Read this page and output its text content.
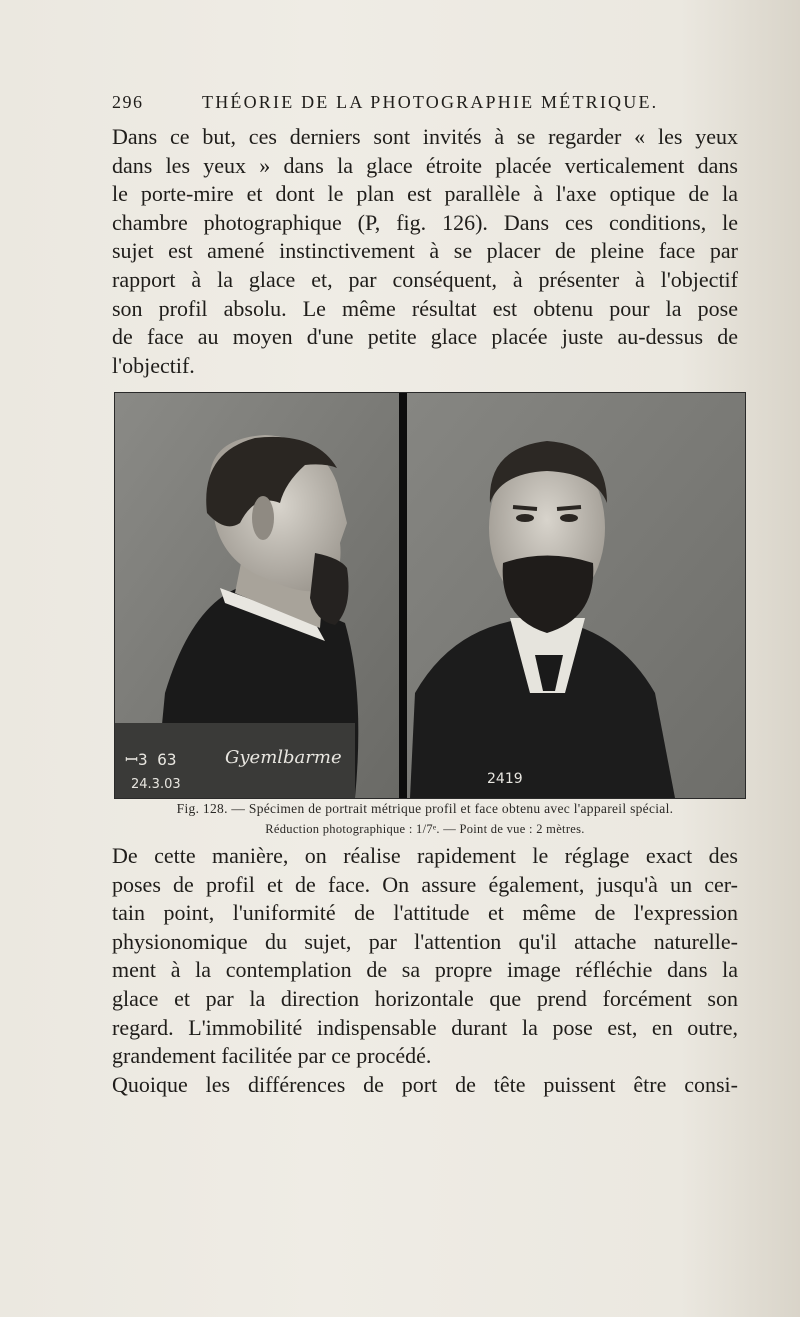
296	THÉORIE DE LA PHOTOGRAPHIE MÉTRIQUE.
Dans ce but, ces derniers sont invités à se regarder « les yeux
dans les yeux » dans la glace étroite placée verticalement dans
le porte-mire et dont le plan est parallèle à l'axe optique de la
chambre photographique (P, fig. 126). Dans ces conditions, le
sujet est amené instinctivement à se placer de pleine face par
rapport à la glace et, par conséquent, à présenter à l'objectif
son profil absolu. Le même résultat est obtenu pour la pose
de face au moyen d'une petite glace placée juste au-dessus de
l'objectif.
ꟷ3 63
24.3.03
Gyemlbarme
2419
Fig. 128. — Spécimen de portrait métrique profil et face obtenu avec l'appareil spécial.
Réduction photographique : 1/7ᵉ. — Point de vue : 2 mètres.
De cette manière, on réalise rapidement le réglage exact des
poses de profil et de face. On assure également, jusqu'à un cer-
tain point, l'uniformité de l'attitude et même de l'expression
physionomique du sujet, par l'attention qu'il attache naturelle-
ment à la contemplation de sa propre image réfléchie dans la
glace et par la direction horizontale que prend forcément son
regard. L'immobilité indispensable durant la pose est, en outre,
grandement facilitée par ce procédé.
Quoique les différences de port de tête puissent être consi-
